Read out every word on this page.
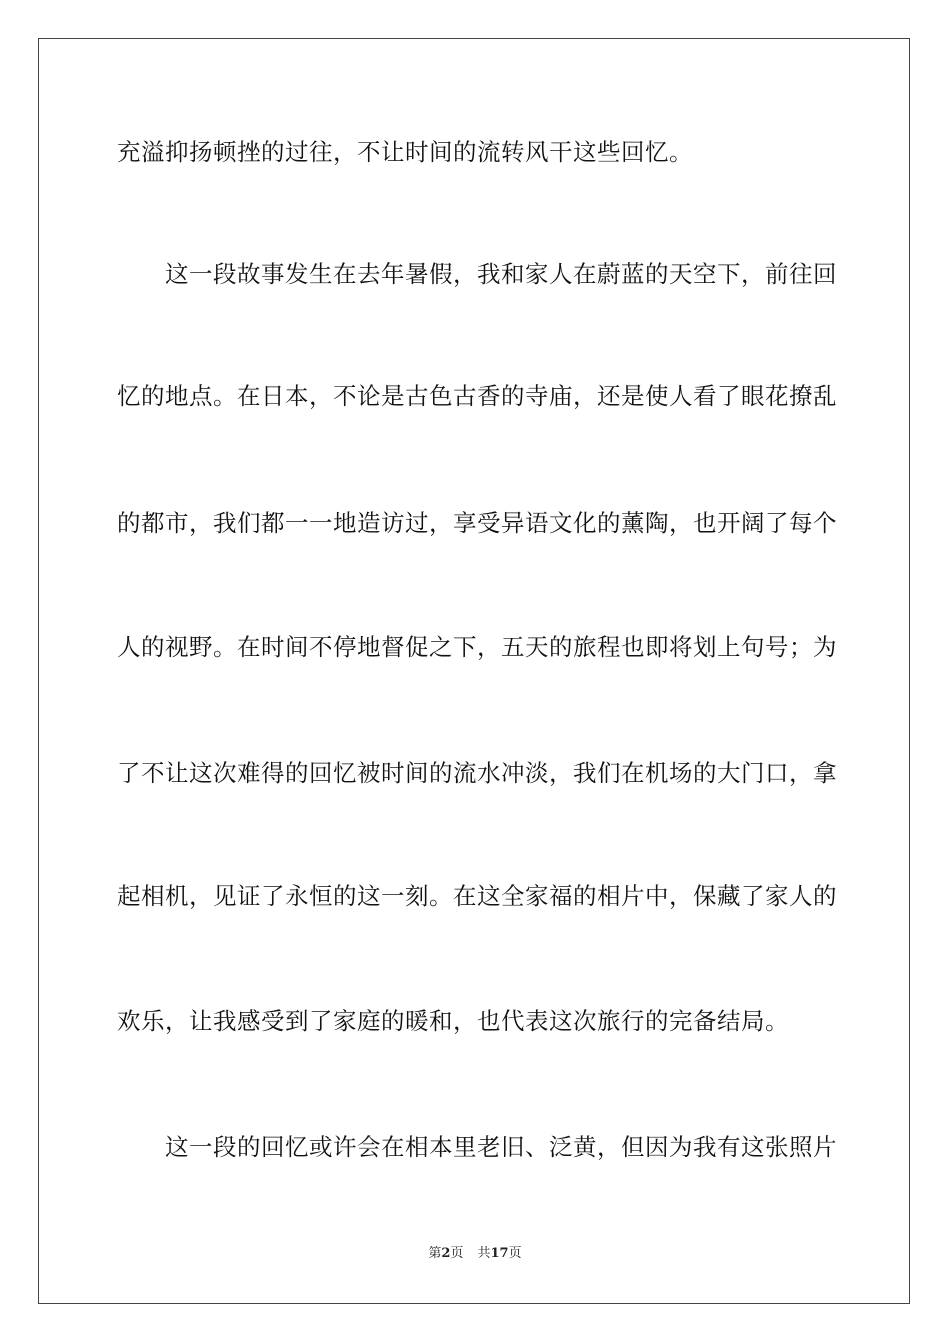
充溢抑扬顿挫的过往，不让时间的流转风干这些回忆。
这一段故事发生在去年暑假，我和家人在蔚蓝的天空下，前往回
忆的地点。在日本，不论是古色古香的寺庙，还是使人看了眼花撩乱
的都市，我们都一一地造访过，享受异语文化的薰陶，也开阔了每个
人的视野。在时间不停地督促之下，五天的旅程也即将划上句号；为
了不让这次难得的回忆被时间的流水冲淡，我们在机场的大门口，拿
起相机，见证了永恒的这一刻。在这全家福的相片中，保藏了家人的
欢乐，让我感受到了家庭的暖和，也代表这次旅行的完备结局。
这一段的回忆或许会在相本里老旧、泛黄，但因为我有这张照片
第2页 共17页
